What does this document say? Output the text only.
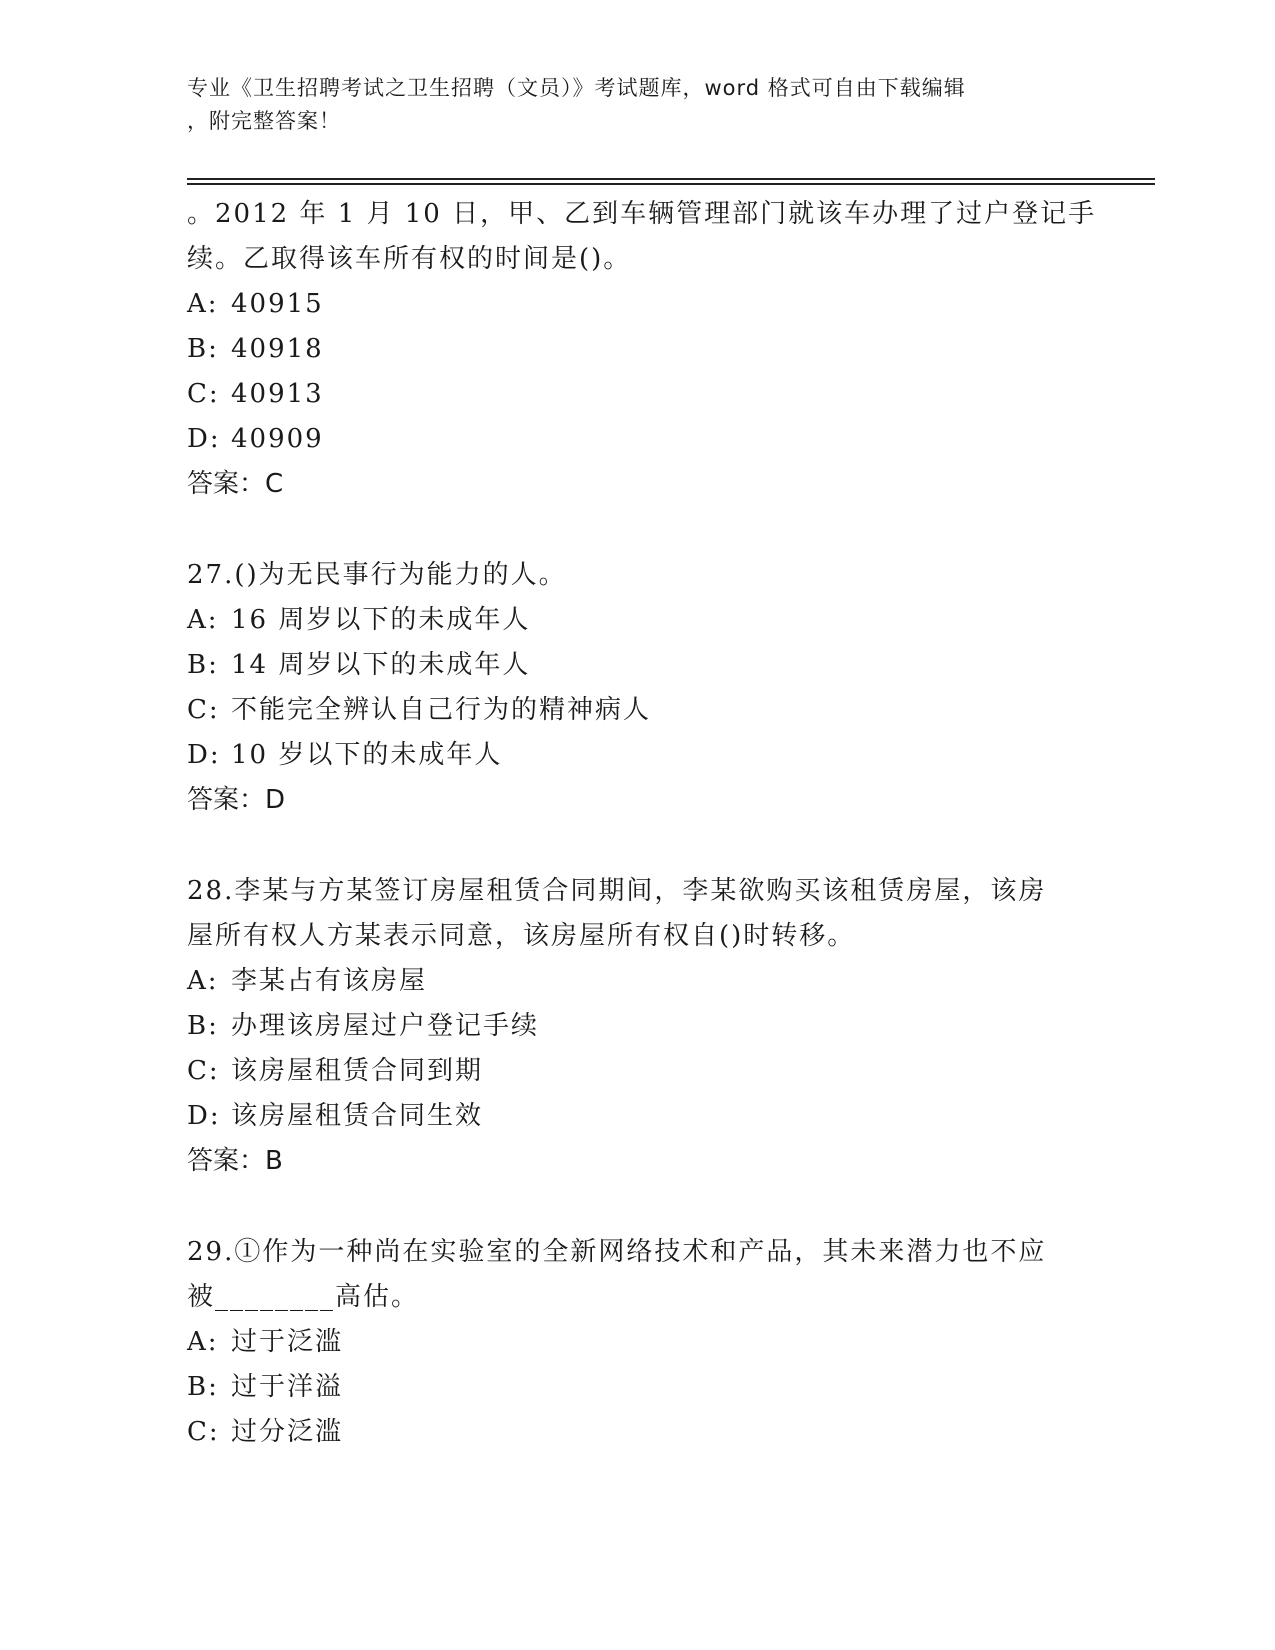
专业《卫生招聘考试之卫生招聘（文员）》考试题库，word 格式可自由下载编辑
，附完整答案！
。2012 年 1 月 10 日，甲、乙到车辆管理部门就该车办理了过户登记手
续。乙取得该车所有权的时间是()。
A: 40915
B: 40918
C: 40913
D: 40909
答案：C
27.()为无民事行为能力的人。
A: 16 周岁以下的未成年人
B: 14 周岁以下的未成年人
C: 不能完全辨认自己行为的精神病人
D: 10 岁以下的未成年人
答案：D
28.李某与方某签订房屋租赁合同期间，李某欲购买该租赁房屋，该房
屋所有权人方某表示同意，该房屋所有权自()时转移。
A: 李某占有该房屋
B: 办理该房屋过户登记手续
C: 该房屋租赁合同到期
D: 该房屋租赁合同生效
答案：B
29.①作为一种尚在实验室的全新网络技术和产品，其未来潜力也不应
被________高估。
A: 过于泛滥
B: 过于洋溢
C: 过分泛滥
